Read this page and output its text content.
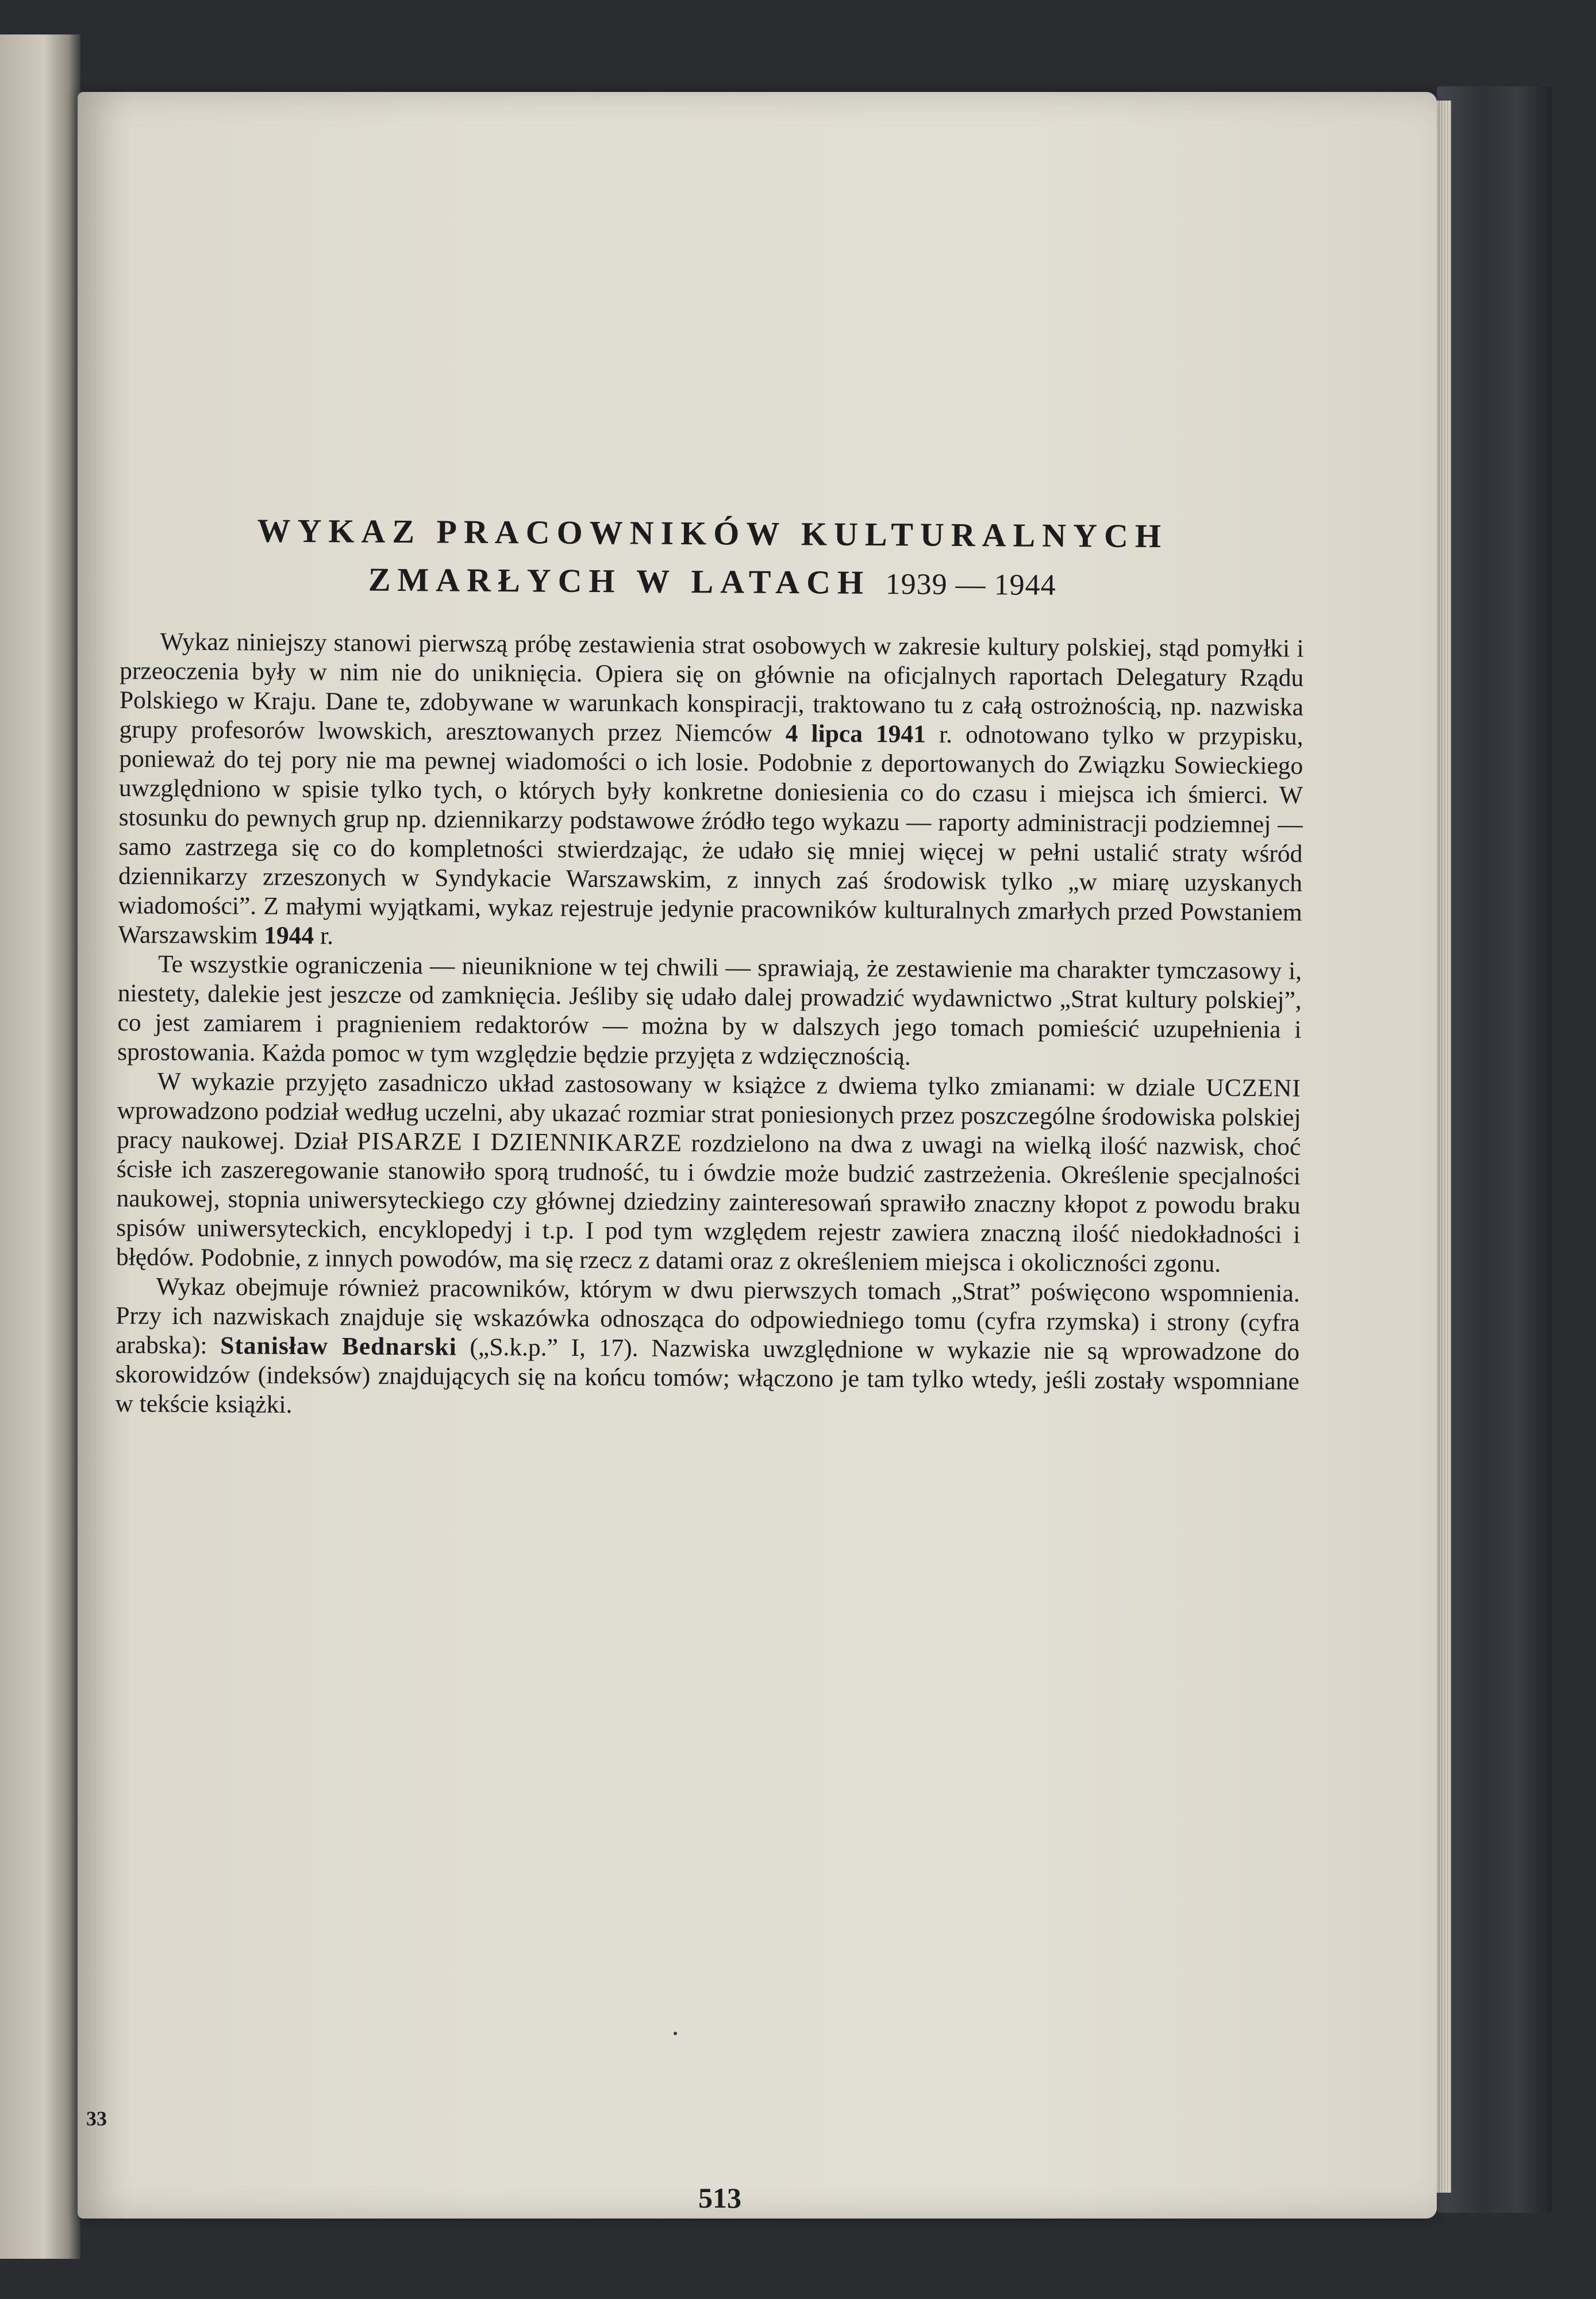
WYKAZ PRACOWNIKÓW KULTURALNYCH
ZMARŁYCH W LATACH 1939 — 1944

Wykaz niniejszy stanowi pierwszą próbę zestawienia strat osobowych w zakresie kultury polskiej, stąd pomyłki i przeoczenia były w nim nie do uniknięcia. Opiera się on głównie na oficjalnych raportach Delegatury Rządu Polskiego w Kraju. Dane te, zdobywane w warunkach konspiracji, traktowano tu z całą ostrożnością, np. nazwiska grupy profesorów lwowskich, aresztowanych przez Niemców 4 lipca 1941 r. odnotowano tylko w przypisku, ponieważ do tej pory nie ma pewnej wiadomości o ich losie. Podobnie z deportowanych do Związku Sowieckiego uwzględniono w spisie tylko tych, o których były konkretne doniesienia co do czasu i miejsca ich śmierci. W stosunku do pewnych grup np. dziennikarzy podstawowe źródło tego wykazu — raporty administracji podziemnej — samo zastrzega się co do kompletności stwierdzając, że udało się mniej więcej w pełni ustalić straty wśród dziennikarzy zrzeszonych w Syndykacie Warszawskim, z innych zaś środowisk tylko „w miarę uzyskanych wiadomości”. Z małymi wyjątkami, wykaz rejestruje jedynie pracowników kulturalnych zmarłych przed Powstaniem Warszawskim 1944 r.

Te wszystkie ograniczenia — nieuniknione w tej chwili — sprawiają, że zestawienie ma charakter tymczasowy i, niestety, dalekie jest jeszcze od zamknięcia. Jeśliby się udało dalej prowadzić wydawnictwo „Strat kultury polskiej”, co jest zamiarem i pragnieniem redaktorów — można by w dalszych jego tomach pomieścić uzupełnienia i sprostowania. Każda pomoc w tym względzie będzie przyjęta z wdzięcznością.

W wykazie przyjęto zasadniczo układ zastosowany w książce z dwiema tylko zmianami: w dziale UCZENI wprowadzono podział według uczelni, aby ukazać rozmiar strat poniesionych przez poszczególne środowiska polskiej pracy naukowej. Dział PISARZE I DZIENNIKARZE rozdzielono na dwa z uwagi na wielką ilość nazwisk, choć ścisłe ich zaszeregowanie stanowiło sporą trudność, tu i ówdzie może budzić zastrzeżenia. Określenie specjalności naukowej, stopnia uniwersyteckiego czy głównej dziedziny zainteresowań sprawiło znaczny kłopot z powodu braku spisów uniwersyteckich, encyklopedyj i t.p. I pod tym względem rejestr zawiera znaczną ilość niedokładności i błędów. Podobnie, z innych powodów, ma się rzecz z datami oraz z określeniem miejsca i okoliczności zgonu.

Wykaz obejmuje również pracowników, którym w dwu pierwszych tomach „Strat” poświęcono wspomnienia. Przy ich nazwiskach znajduje się wskazówka odnosząca do odpowiedniego tomu (cyfra rzymska) i strony (cyfra arabska): Stanisław Bednarski („S.k.p.” I, 17). Nazwiska uwzględnione w wykazie nie są wprowadzone do skorowidzów (indeksów) znajdujących się na końcu tomów; włączono je tam tylko wtedy, jeśli zostały wspomniane w tekście książki.

33
513
